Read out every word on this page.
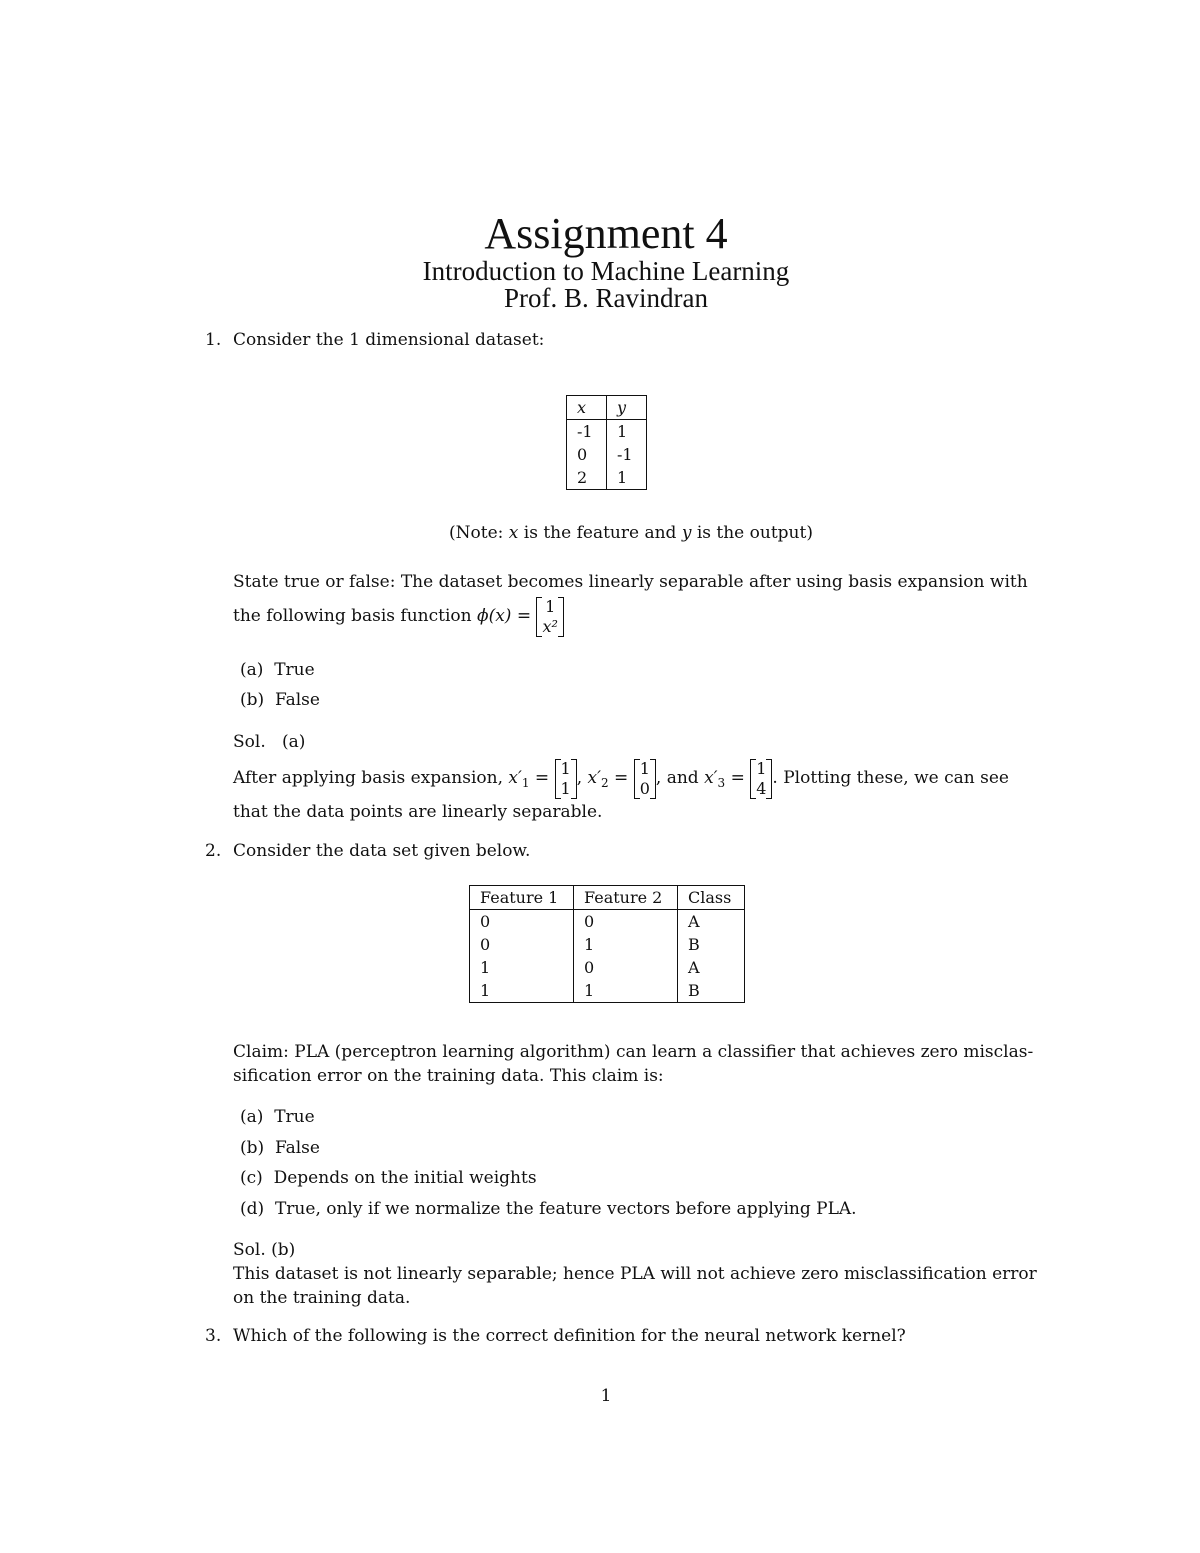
Assignment 4
Introduction to Machine Learning
Prof. B. Ravindran
1. Consider the 1 dimensional dataset:
x	y
-1	1
0	-1
2	1
(Note: x is the feature and y is the output)
State true or false: The dataset becomes linearly separable after using basis expansion with
the following basis function ϕ(x) = 1
x²
(a) True
(b) False
Sol. (a)
After applying basis expansion, $x'_1 = 1$
1 , $x'_2 = 1$
0 , and $x'_3 = 1$
4 . Plotting these, we can see
that the data points are linearly separable.
2. Consider the data set given below.
Feature 1	Feature 2	Class
0	0	A
0	1	B
1	0	A
1	1	B
Claim: PLA (perceptron learning algorithm) can learn a classifier that achieves zero misclas-
sification error on the training data. This claim is:
(a) True
(b) False
(c) Depends on the initial weights
(d) True, only if we normalize the feature vectors before applying PLA.
Sol. (b)
This dataset is not linearly separable; hence PLA will not achieve zero misclassification error
on the training data.
3. Which of the following is the correct definition for the neural network kernel?
1
